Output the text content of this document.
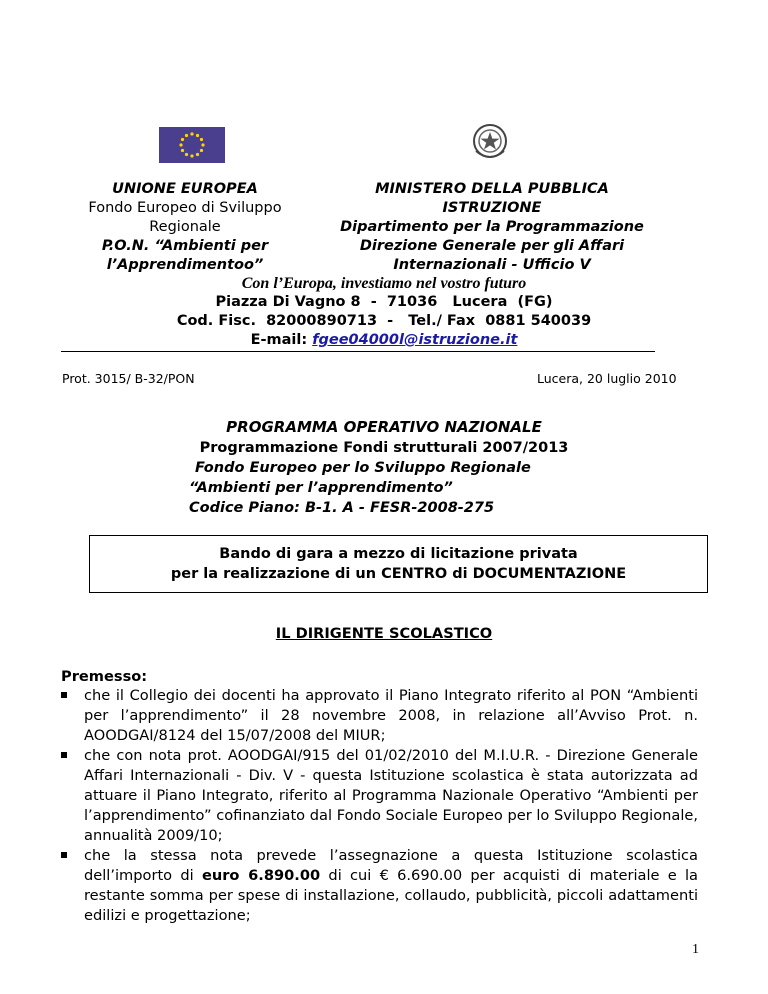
UNIONE EUROPEA
Fondo Europeo di Sviluppo
Regionale
P.O.N. “Ambienti per
l’Apprendimentoo”
MINISTERO DELLA PUBBLICA
ISTRUZIONE
Dipartimento per la Programmazione
Direzione Generale per gli Affari
Internazionali - Ufficio V
Con l’Europa, investiamo nel vostro futuro
Piazza Di Vagno 8  -  71036   Lucera  (FG)
Cod. Fisc.  82000890713  -   Tel./ Fax  0881 540039
E-mail: fgee04000l@istruzione.it
Prot. 3015/ B-32/PON	Lucera, 20 luglio 2010
PROGRAMMA OPERATIVO NAZIONALE
Programmazione Fondi strutturali 2007/2013
Fondo Europeo per lo Sviluppo Regionale
“Ambienti per l’apprendimento”
Codice Piano: B-1. A - FESR-2008-275
Bando di gara a mezzo di licitazione privata
per la realizzazione di un CENTRO di DOCUMENTAZIONE
IL DIRIGENTE SCOLASTICO
Premesso:
che il Collegio dei docenti ha approvato il Piano Integrato riferito al PON “Ambienti per l’apprendimento” il 28 novembre 2008, in relazione all’Avviso Prot. n. AOODGAI/8124 del 15/07/2008 del MIUR;
che con nota prot. AOODGAI/915 del 01/02/2010 del M.I.U.R. - Direzione Generale Affari Internazionali - Div. V - questa Istituzione scolastica è stata autorizzata ad attuare il Piano Integrato, riferito al Programma Nazionale Operativo “Ambienti per l’apprendimento” cofinanziato dal Fondo Sociale Europeo per lo Sviluppo Regionale, annualità 2009/10;
che la stessa nota prevede l’assegnazione a questa Istituzione scolastica dell’importo di euro 6.890.00 di cui € 6.690.00 per acquisti di materiale e la restante somma per spese di installazione, collaudo, pubblicità, piccoli adattamenti edilizi e progettazione;
1
